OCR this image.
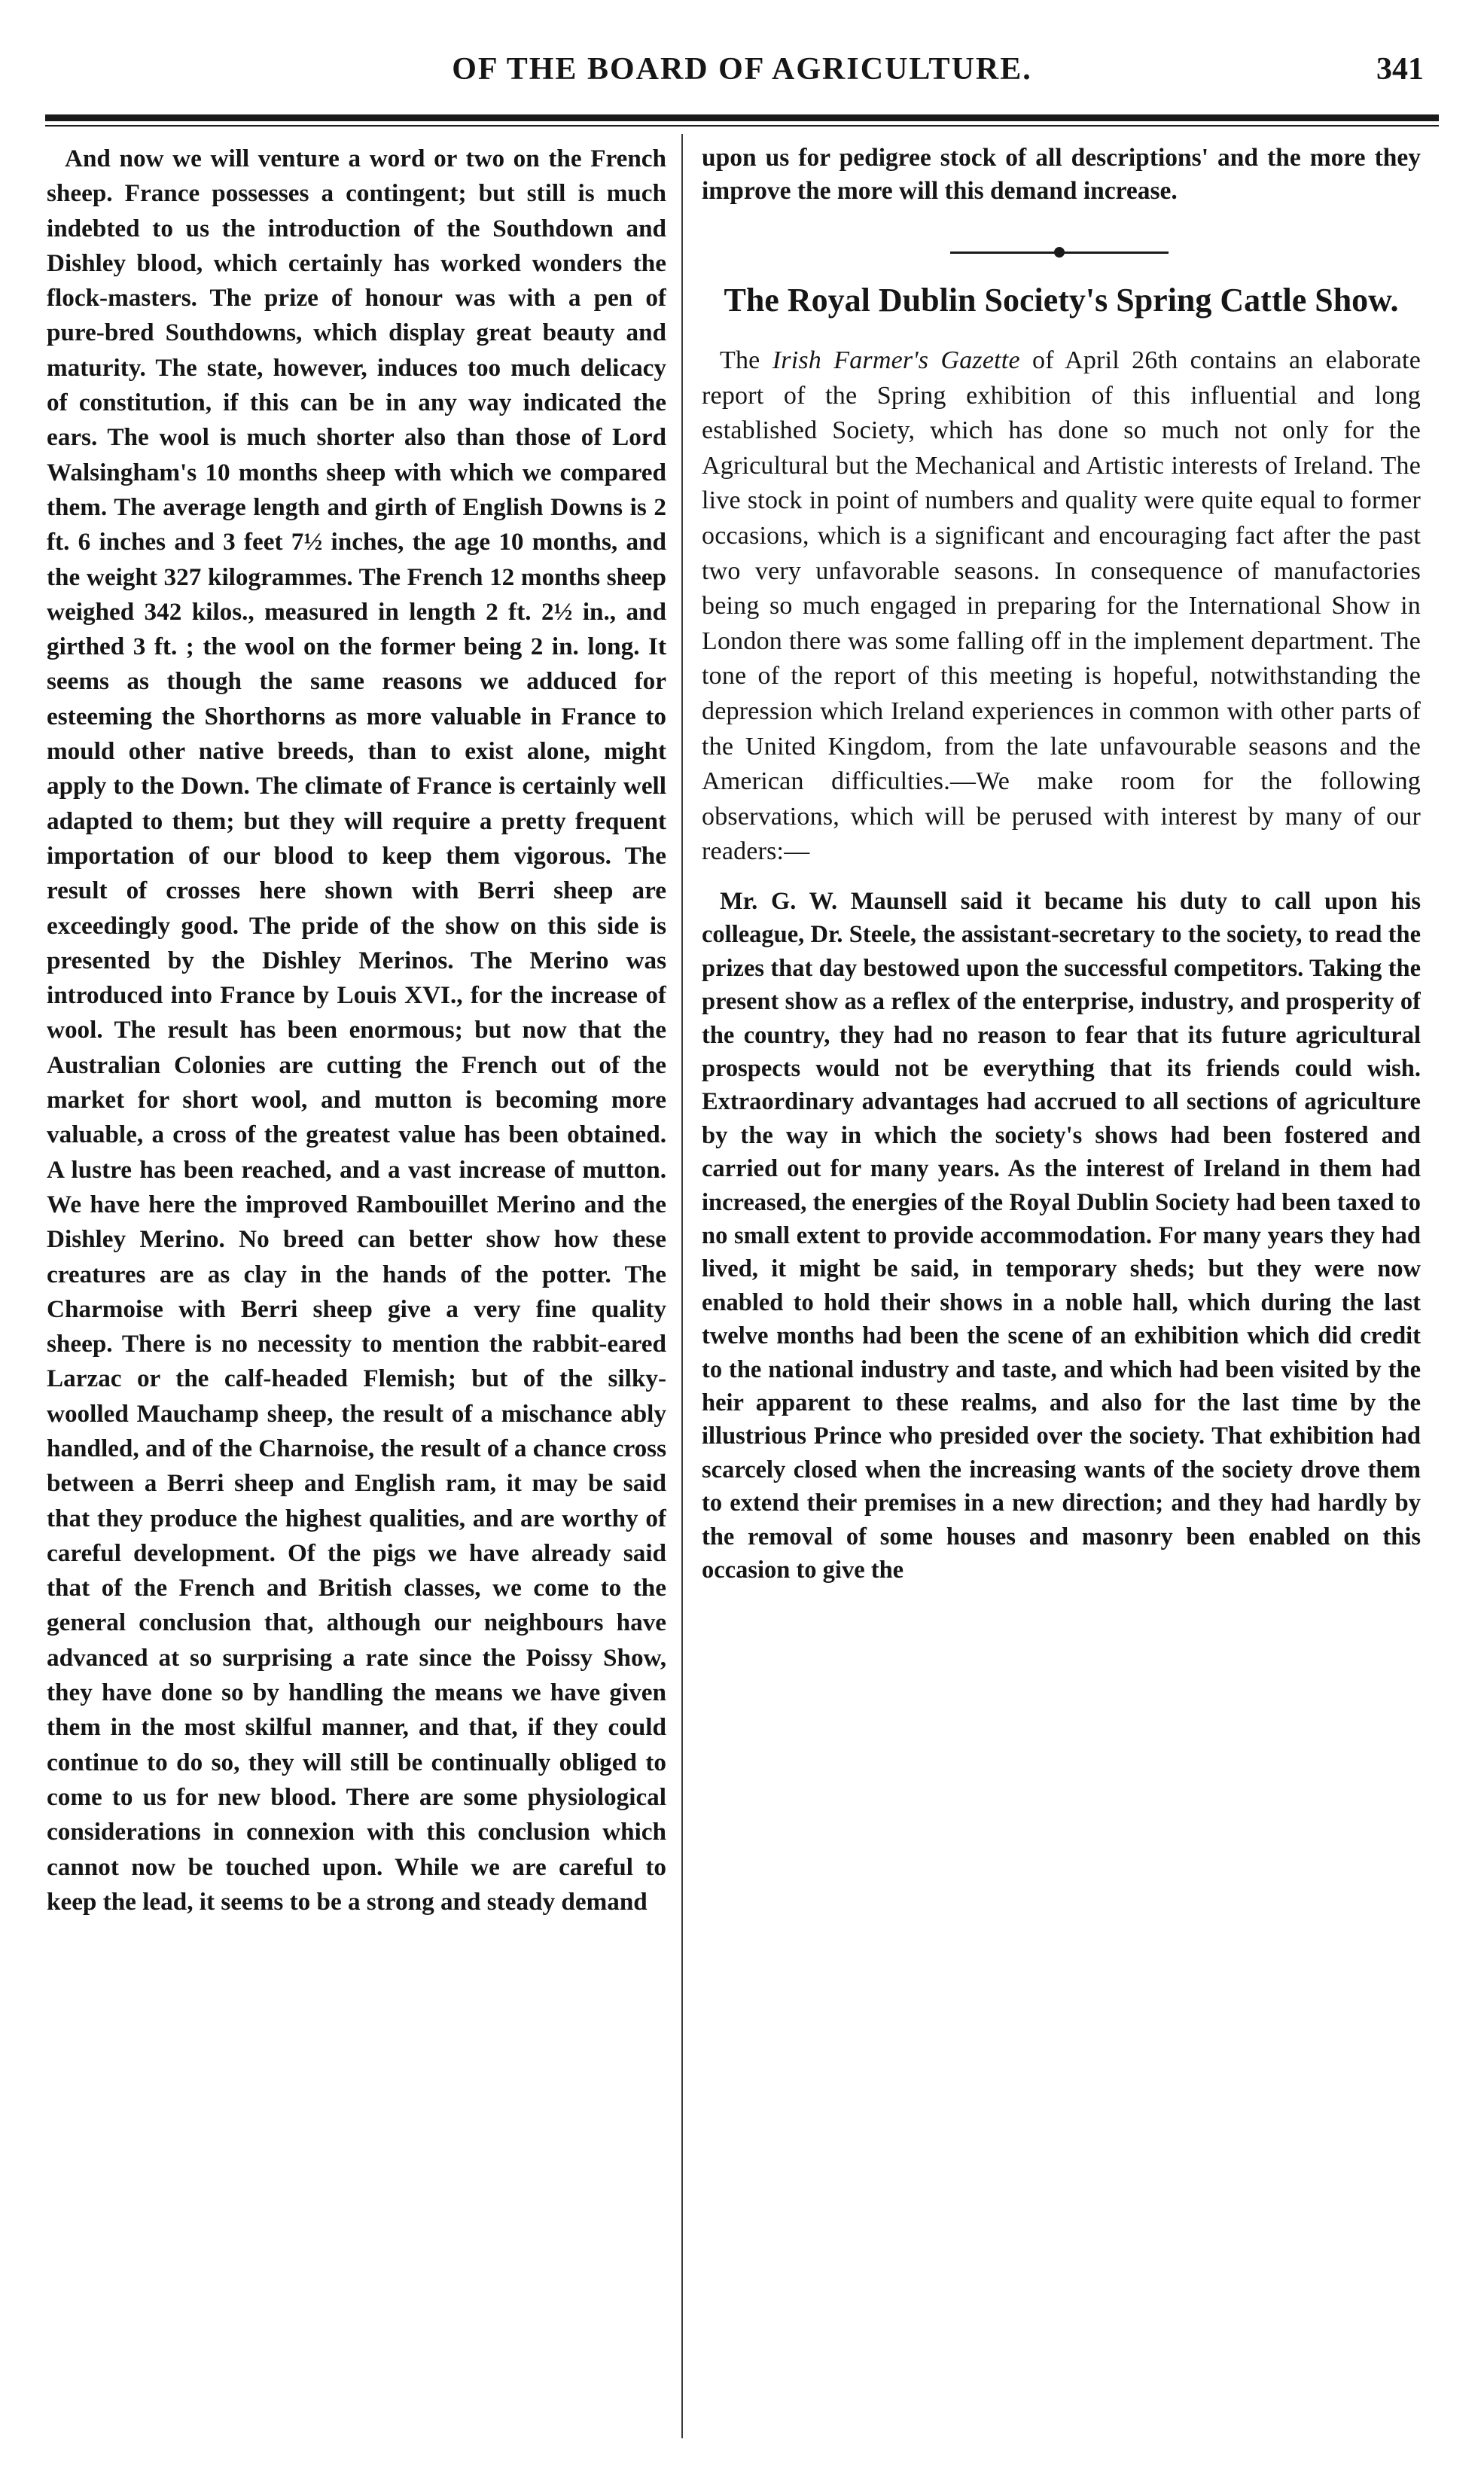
OF THE BOARD OF AGRICULTURE.	341

And now we will venture a word or two on the French sheep. France possesses a contingent; but still is much indebted to us the introduction of the Southdown and Dishley blood, which certainly has worked wonders the flock-masters. The prize of honour was with a pen of pure-bred Southdowns, which display great beauty and maturity. The state, however, induces too much delicacy of constitution, if this can be in any way indicated the ears. The wool is much shorter also than those of Lord Walsingham's 10 months sheep with which we compared them. The average length and girth of English Downs is 2 ft. 6 inches and 3 feet 7½ inches, the age 10 months, and the weight 327 kilogrammes. The French 12 months sheep weighed 342 kilos., measured in length 2 ft. 2½ in., and girthed 3 ft. ; the wool on the former being 2 in. long. It seems as though the same reasons we adduced for esteeming the Shorthorns as more valuable in France to mould other native breeds, than to exist alone, might apply to the Down. The climate of France is certainly well adapted to them; but they will require a pretty frequent importation of our blood to keep them vigorous. The result of crosses here shown with Berri sheep are exceedingly good. The pride of the show on this side is presented by the Dishley Merinos. The Merino was introduced into France by Louis XVI., for the increase of wool. The result has been enormous; but now that the Australian Colonies are cutting the French out of the market for short wool, and mutton is becoming more valuable, a cross of the greatest value has been obtained. A lustre has been reached, and a vast increase of mutton. We have here the improved Rambouillet Merino and the Dishley Merino. No breed can better show how these creatures are as clay in the hands of the potter. The Charmoise with Berri sheep give a very fine quality sheep. There is no necessity to mention the rabbit-eared Larzac or the calf-headed Flemish; but of the silky-woolled Mauchamp sheep, the result of a mischance ably handled, and of the Charnoise, the result of a chance cross between a Berri sheep and English ram, it may be said that they produce the highest qualities, and are worthy of careful development. Of the pigs we have already said that of the French and British classes, we come to the general conclusion that, although our neighbours have advanced at so surprising a rate since the Poissy Show, they have done so by handling the means we have given them in the most skilful manner, and that, if they could continue to do so, they will still be continually obliged to come to us for new blood. There are some physiological considerations in connexion with this conclusion which cannot now be touched upon. While we are careful to keep the lead, it seems to be a strong and steady demand

upon us for pedigree stock of all descriptions' and the more they improve the more will this demand increase.

The Royal Dublin Society's Spring Cattle Show.

The Irish Farmer's Gazette of April 26th contains an elaborate report of the Spring exhibition of this influential and long established Society, which has done so much not only for the Agricultural but the Mechanical and Artistic interests of Ireland. The live stock in point of numbers and quality were quite equal to former occasions, which is a significant and encouraging fact after the past two very unfavorable seasons. In consequence of manufactories being so much engaged in preparing for the International Show in London there was some falling off in the implement department. The tone of the report of this meeting is hopeful, notwithstanding the depression which Ireland experiences in common with other parts of the United Kingdom, from the late unfavourable seasons and the American difficulties.—We make room for the following observations, which will be perused with interest by many of our readers:—

Mr. G. W. Maunsell said it became his duty to call upon his colleague, Dr. Steele, the assistant-secretary to the society, to read the prizes that day bestowed upon the successful competitors. Taking the present show as a reflex of the enterprise, industry, and prosperity of the country, they had no reason to fear that its future agricultural prospects would not be everything that its friends could wish. Extraordinary advantages had accrued to all sections of agriculture by the way in which the society's shows had been fostered and carried out for many years. As the interest of Ireland in them had increased, the energies of the Royal Dublin Society had been taxed to no small extent to provide accommodation. For many years they had lived, it might be said, in temporary sheds; but they were now enabled to hold their shows in a noble hall, which during the last twelve months had been the scene of an exhibition which did credit to the national industry and taste, and which had been visited by the heir apparent to these realms, and also for the last time by the illustrious Prince who presided over the society. That exhibition had scarcely closed when the increasing wants of the society drove them to extend their premises in a new direction; and they had hardly by the removal of some houses and masonry been enabled on this occasion to give the
